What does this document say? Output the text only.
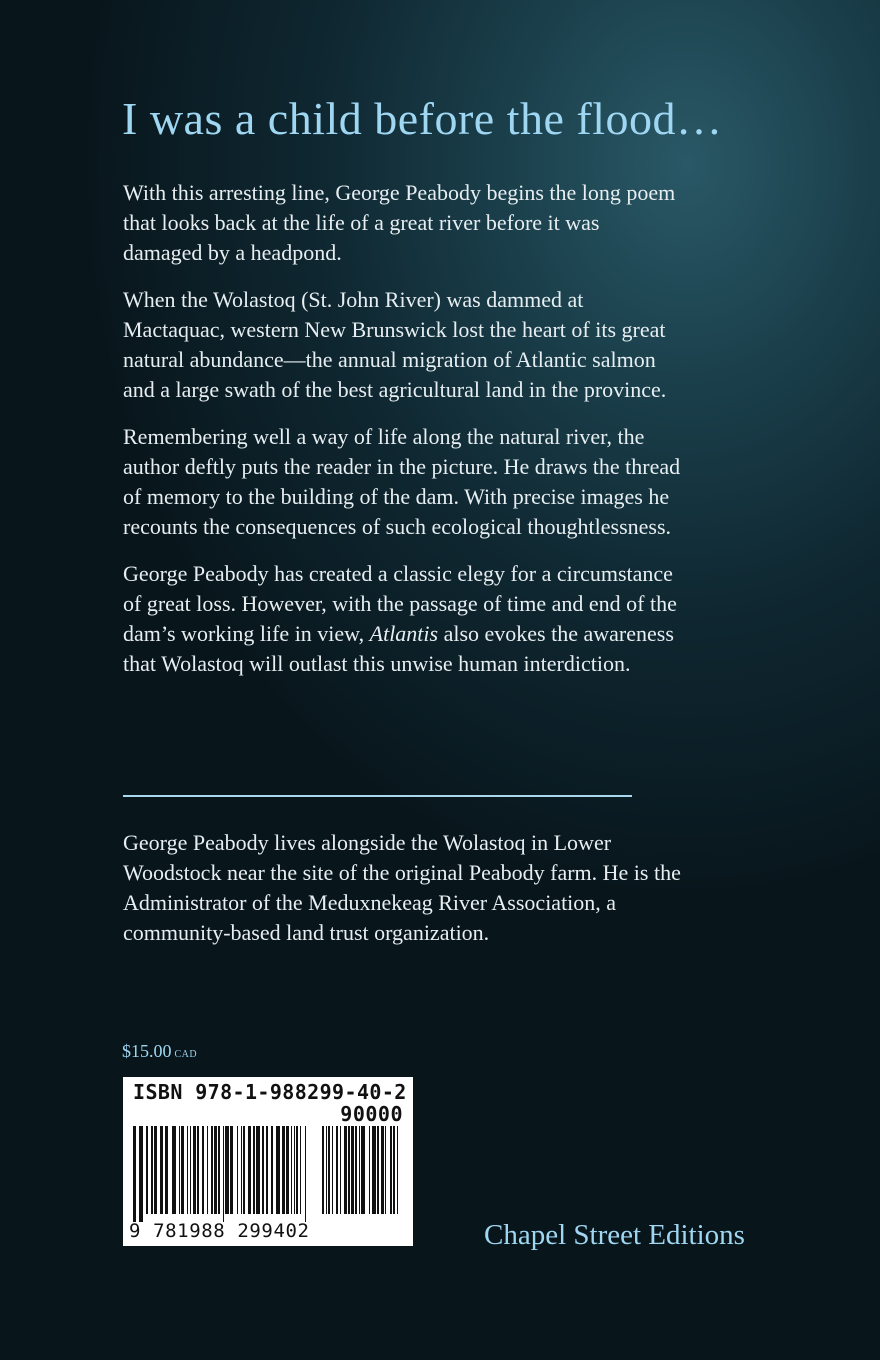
I was a child before the flood…

With this arresting line, George Peabody begins the long poem that looks back at the life of a great river before it was damaged by a headpond.

When the Wolastoq (St. John River) was dammed at Mactaquac, western New Brunswick lost the heart of its great natural abundance—the annual migration of Atlantic salmon and a large swath of the best agricultural land in the province.

Remembering well a way of life along the natural river, the author deftly puts the reader in the picture. He draws the thread of memory to the building of the dam. With precise images he recounts the consequences of such ecological thoughtlessness.

George Peabody has created a classic elegy for a circumstance of great loss. However, with the passage of time and end of the dam’s working life in view, Atlantis also evokes the awareness that Wolastoq will outlast this unwise human interdiction.

George Peabody lives alongside the Wolastoq in Lower Woodstock near the site of the original Peabody farm. He is the Administrator of the Meduxnekeag River Association, a community-based land trust organization.

$15.00 CAD
ISBN 978-1-988299-40-2
90000
9 781988 299402	Chapel Street Editions
